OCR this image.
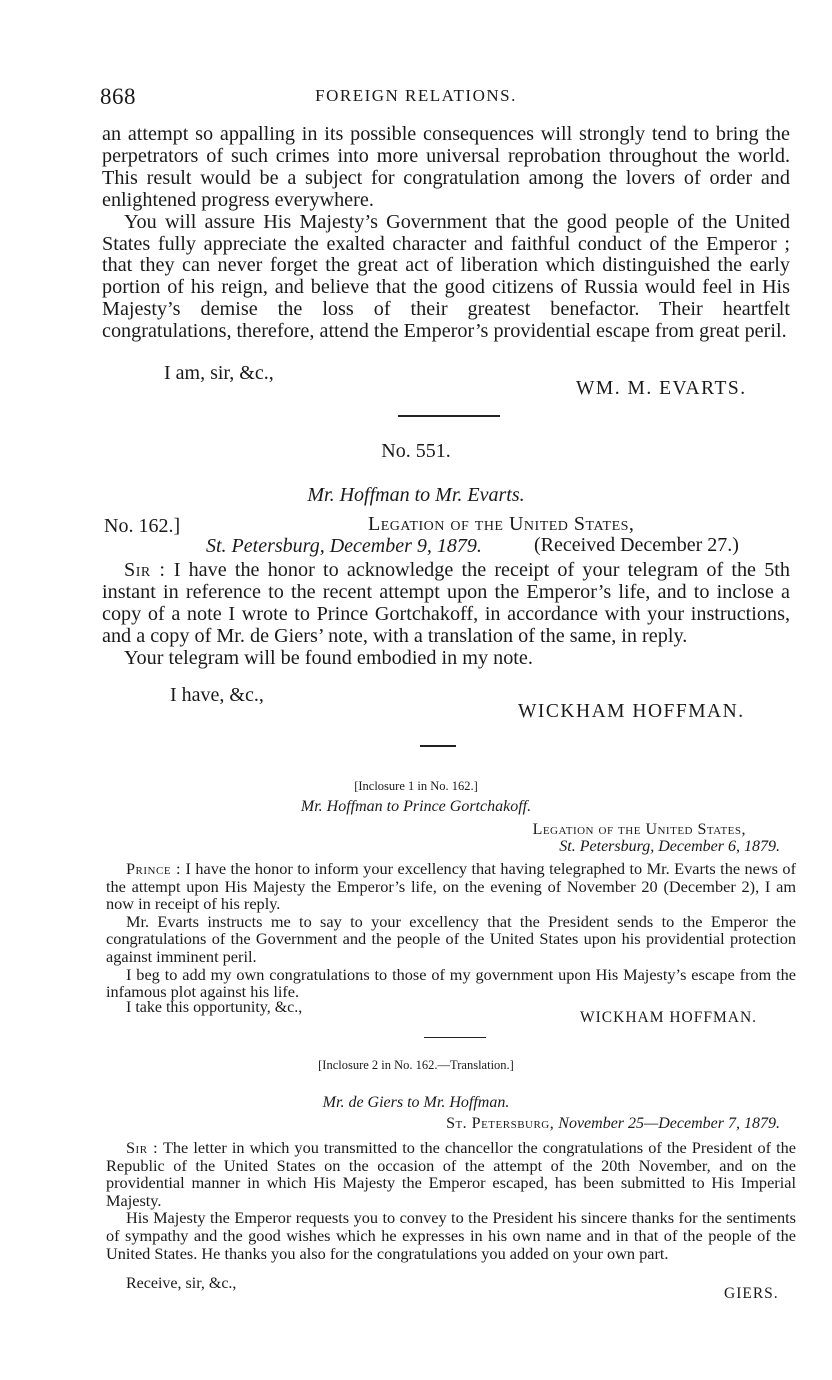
868	FOREIGN RELATIONS.

an attempt so appalling in its possible consequences will strongly tend to bring the perpetrators of such crimes into more universal reprobation throughout the world. This result would be a subject for congratulation among the lovers of order and enlightened progress everywhere.

You will assure His Majesty’s Government that the good people of the United States fully appreciate the exalted character and faithful conduct of the Emperor ; that they can never forget the great act of liberation which distinguished the early portion of his reign, and believe that the good citizens of Russia would feel in His Majesty’s demise the loss of their greatest benefactor. Their heartfelt congratulations, therefore, attend the Emperor’s providential escape from great peril.

I am, sir, &c.,
WM. M. EVARTS.
No. 551.
Mr. Hoffman to Mr. Evarts.
No. 162.]	Legation of the United States,
St. Petersburg, December 9, 1879.	(Received December 27.)

Sir : I have the honor to acknowledge the receipt of your telegram of the 5th instant in reference to the recent attempt upon the Emperor’s life, and to inclose a copy of a note I wrote to Prince Gortchakoff, in accordance with your instructions, and a copy of Mr. de Giers’ note, with a translation of the same, in reply.

Your telegram will be found embodied in my note.

I have, &c.,
WICKHAM HOFFMAN.
[Inclosure 1 in No. 162.]
Mr. Hoffman to Prince Gortchakoff.
Legation of the United States,
St. Petersburg, December 6, 1879.

Prince : I have the honor to inform your excellency that having telegraphed to Mr. Evarts the news of the attempt upon His Majesty the Emperor’s life, on the evening of November 20 (December 2), I am now in receipt of his reply.

Mr. Evarts instructs me to say to your excellency that the President sends to the Emperor the congratulations of the Government and the people of the United States upon his providential protection against imminent peril.

I beg to add my own congratulations to those of my government upon His Majesty’s escape from the infamous plot against his life.

I take this opportunity, &c.,
WICKHAM HOFFMAN.
[Inclosure 2 in No. 162.—Translation.]
Mr. de Giers to Mr. Hoffman.
St. Petersburg, November 25—December 7, 1879.

Sir : The letter in which you transmitted to the chancellor the congratulations of the President of the Republic of the United States on the occasion of the attempt of the 20th November, and on the providential manner in which His Majesty the Emperor escaped, has been submitted to His Imperial Majesty.

His Majesty the Emperor requests you to convey to the President his sincere thanks for the sentiments of sympathy and the good wishes which he expresses in his own name and in that of the people of the United States. He thanks you also for the congratulations you added on your own part.

Receive, sir, &c.,
GIERS.
